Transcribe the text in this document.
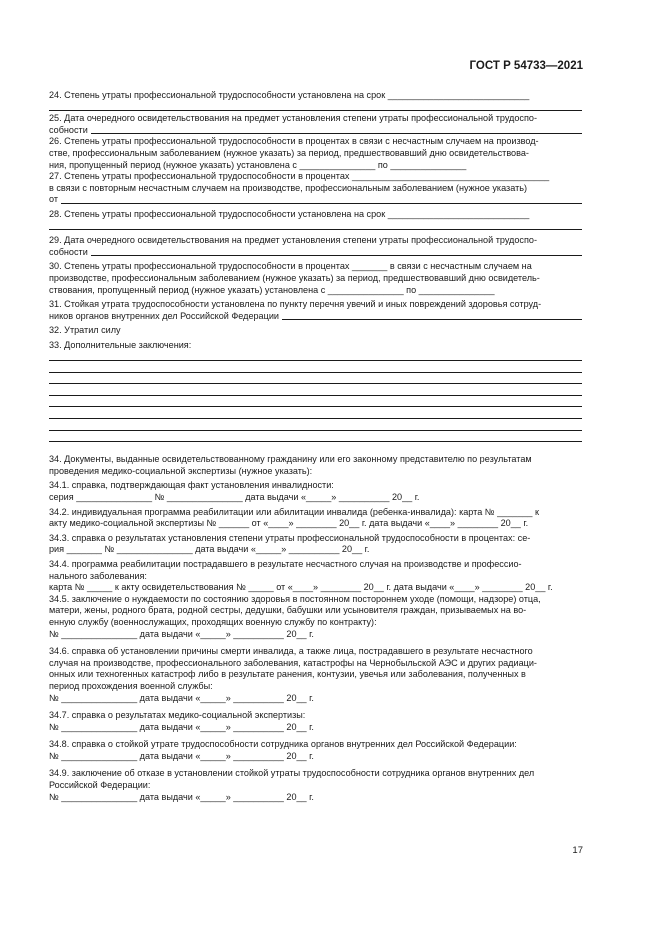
ГОСТ Р 54733—2021
24. Степень утраты профессиональной трудоспособности установлена на срок ____________________________
25. Дата очередного освидетельствования на предмет установления степени утраты профессиональной трудоспо-
собности
26. Степень утраты профессиональной трудоспособности в процентах в связи с несчастным случаем на производ-
стве, профессиональным заболеванием (нужное указать) за период, предшествовавший дню освидетельствова-
ния, пропущенный период (нужное указать) установлена с _______________ по _______________
27. Степень утраты профессиональной трудоспособности в процентах _______________________________________
в связи с повторным несчастным случаем на производстве, профессиональным заболеванием (нужное указать)
от
28. Степень утраты профессиональной трудоспособности установлена на срок ____________________________
29. Дата очередного освидетельствования на предмет установления степени утраты профессиональной трудоспо-
собности
30. Степень утраты профессиональной трудоспособности в процентах _______ в связи с несчастным случаем на
производстве, профессиональным заболеванием (нужное указать) за период, предшествовавший дню освидетель-
ствования, пропущенный период (нужное указать) установлена с _______________ по _______________
31. Стойкая утрата трудоспособности установлена по пункту перечня увечий и иных повреждений здоровья сотруд-
ников органов внутренних дел Российской Федерации
32. Утратил силу
33. Дополнительные заключения:
34. Документы, выданные освидетельствованному гражданину или его законному представителю по результатам
проведения медико-социальной экспертизы (нужное указать):
34.1. справка, подтверждающая факт установления инвалидности:
серия _______________ № _______________ дата выдачи «_____» __________ 20__ г.
34.2. индивидуальная программа реабилитации или абилитации инвалида (ребенка-инвалида): карта № _______ к
акту медико-социальной экспертизы № ______ от «____» ________ 20__ г. дата выдачи «____» ________ 20__ г.
34.3. справка о результатах установления степени утраты профессиональной трудоспособности в процентах: се-
рия _______ № _______________ дата выдачи «_____» __________ 20__ г.
34.4. программа реабилитации пострадавшего в результате несчастного случая на производстве и профессио-
нального заболевания:
карта № _____ к акту освидетельствования № _____ от «____» ________ 20__ г. дата выдачи «____» ________ 20__ г.
34.5. заключение о нуждаемости по состоянию здоровья в постоянном постороннем уходе (помощи, надзоре) отца,
матери, жены, родного брата, родной сестры, дедушки, бабушки или усыновителя граждан, призываемых на во-
енную службу (военнослужащих, проходящих военную службу по контракту):
№ _______________ дата выдачи «_____» __________ 20__ г.
34.6. справка об установлении причины смерти инвалида, а также лица, пострадавшего в результате несчастного
случая на производстве, профессионального заболевания, катастрофы на Чернобыльской АЭС и других радиаци-
онных или техногенных катастроф либо в результате ранения, контузии, увечья или заболевания, полученных в
период прохождения военной службы:
№ _______________ дата выдачи «_____» __________ 20__ г.
34.7. справка о результатах медико-социальной экспертизы:
№ _______________ дата выдачи «_____» __________ 20__ г.
34.8. справка о стойкой утрате трудоспособности сотрудника органов внутренних дел Российской Федерации:
№ _______________ дата выдачи «_____» __________ 20__ г.
34.9. заключение об отказе в установлении стойкой утраты трудоспособности сотрудника органов внутренних дел
Российской Федерации:
№ _______________ дата выдачи «_____» __________ 20__ г.
17
